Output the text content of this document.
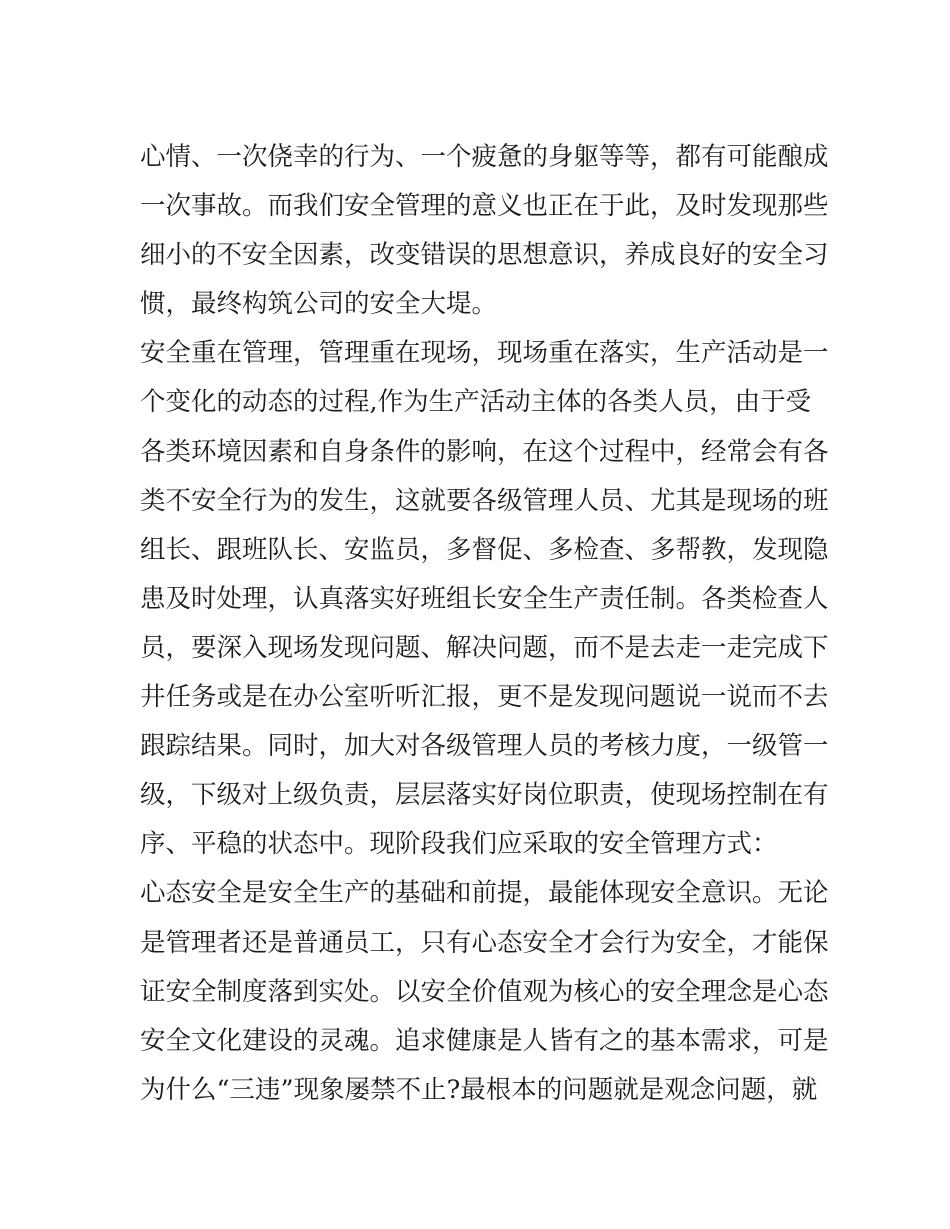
心情、一次侥幸的行为、一个疲惫的身躯等等，都有可能酿成
一次事故。而我们安全管理的意义也正在于此，及时发现那些
细小的不安全因素，改变错误的思想意识，养成良好的安全习
惯，最终构筑公司的安全大堤。
安全重在管理，管理重在现场，现场重在落实，生产活动是一
个变化的动态的过程,作为生产活动主体的各类人员，由于受
各类环境因素和自身条件的影响，在这个过程中，经常会有各
类不安全行为的发生，这就要各级管理人员、尤其是现场的班
组长、跟班队长、安监员，多督促、多检查、多帮教，发现隐
患及时处理，认真落实好班组长安全生产责任制。各类检查人
员，要深入现场发现问题、解决问题，而不是去走一走完成下
井任务或是在办公室听听汇报，更不是发现问题说一说而不去
跟踪结果。同时，加大对各级管理人员的考核力度，一级管一
级，下级对上级负责，层层落实好岗位职责，使现场控制在有
序、平稳的状态中。现阶段我们应采取的安全管理方式：
心态安全是安全生产的基础和前提，最能体现安全意识。无论
是管理者还是普通员工，只有心态安全才会行为安全，才能保
证安全制度落到实处。以安全价值观为核心的安全理念是心态
安全文化建设的灵魂。追求健康是人皆有之的基本需求，可是
为什么“三违”现象屡禁不止?最根本的问题就是观念问题，就
